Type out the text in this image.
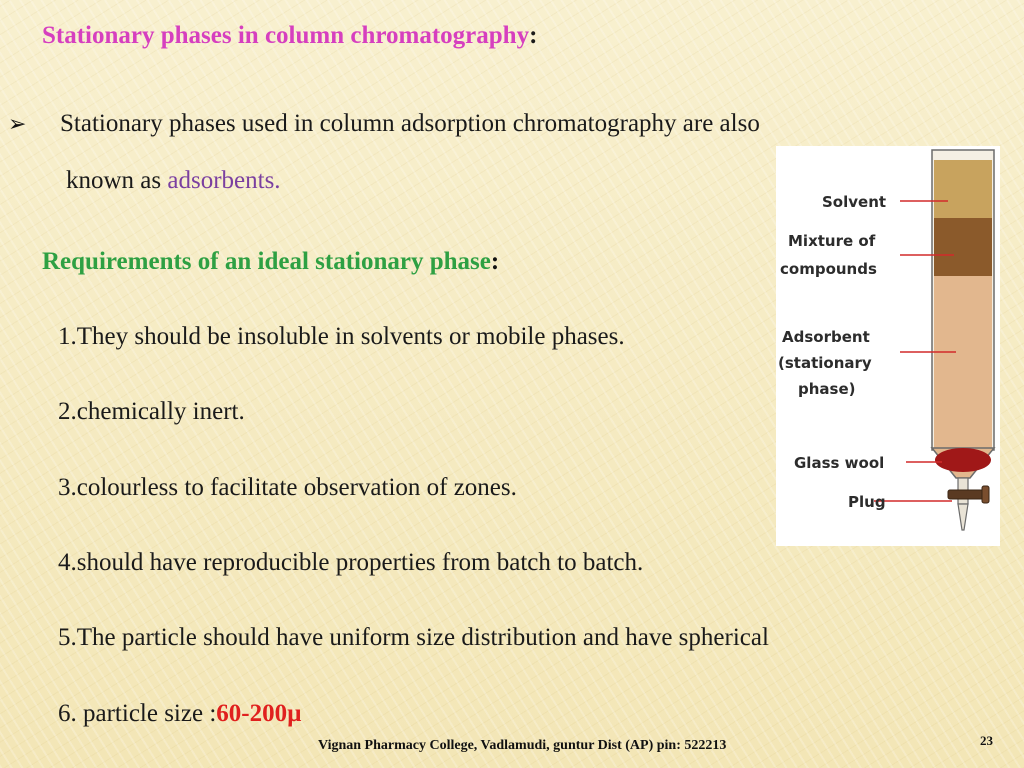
Stationary phases in column chromatography:
➢ Stationary phases used in column adsorption chromatography are also
known as adsorbents.
Requirements of an ideal stationary phase:
1.They should be insoluble in solvents or mobile phases.
2.chemically inert.
3.colourless to facilitate observation of zones.
4.should have reproducible properties from batch to batch.
5.The particle should have uniform size distribution and have spherical
6. particle size :60-200µ
Solvent
Mixture of
compounds
Adsorbent
(stationary
phase)
Glass wool
Plug
Vignan Pharmacy College, Vadlamudi, guntur Dist (AP) pin: 522213	23
